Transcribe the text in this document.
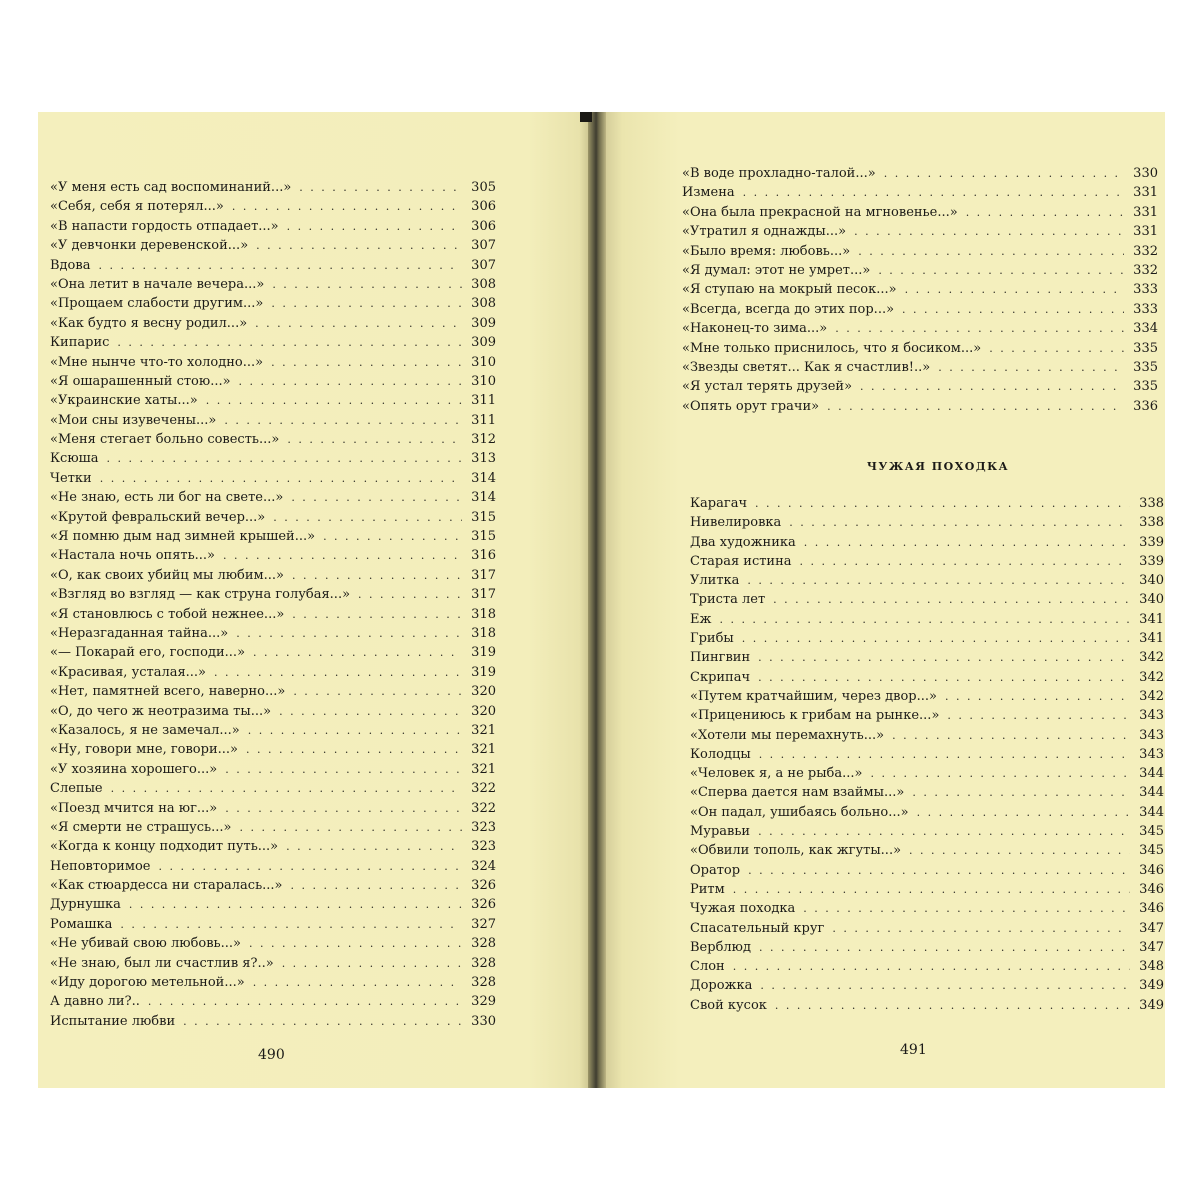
«У меня есть сад воспоминаний...» . . .	305
«Себя, себя я потерял...» . . .	306
«В напасти гордость отпадает...» . . .	306
«У девчонки деревенской...» . . .	307
Вдова . . .	307
«Она летит в начале вечера...» . . .	308
«Прощаем слабости другим...» . . .	308
«Как будто я весну родил...» . . .	309
Кипарис . . .	309
«Мне нынче что-то холодно...» . . .	310
«Я ошарашенный стою...» . . .	310
«Украинские хаты...» . . .	311
«Мои сны изувечены...» . . .	311
«Меня стегает больно совесть...» . . .	312
Ксюша . . .	313
Четки . . .	314
«Не знаю, есть ли бог на свете...» . . .	314
«Крутой февральский вечер...» . . .	315
«Я помню дым над зимней крышей...» . . .	315
«Настала ночь опять...» . . .	316
«О, как своих убийц мы любим...» . . .	317
«Взгляд во взгляд — как струна голубая...» . . .	317
«Я становлюсь с тобой нежнее...» . . .	318
«Неразгаданная тайна...» . . .	318
«— Покарай его, господи...» . . .	319
«Красивая, усталая...» . . .	319
«Нет, памятней всего, наверно...» . . .	320
«О, до чего ж неотразима ты...» . . .	320
«Казалось, я не замечал...» . . .	321
«Ну, говори мне, говори...» . . .	321
«У хозяина хорошего...» . . .	321
Слепые . . .	322
«Поезд мчится на юг...» . . .	322
«Я смерти не страшусь...» . . .	323
«Когда к концу подходит путь...» . . .	323
Неповторимое . . .	324
«Как стюардесса ни старалась...» . . .	326
Дурнушка . . .	326
Ромашка . . .	327
«Не убивай свою любовь...» . . .	328
«Не знаю, был ли счастлив я?..» . . .	328
«Иду дорогою метельной...» . . .	328
А давно ли?.. . . .	329
Испытание любви . . .	330
«В воде прохладно-талой...» . . .	330
Измена . . .	331
«Она была прекрасной на мгновенье...» . . .	331
«Утратил я однажды...» . . .	331
«Было время: любовь...» . . .	332
«Я думал: этот не умрет...» . . .	332
«Я ступаю на мокрый песок...» . . .	333
«Всегда, всегда до этих пор...» . . .	333
«Наконец-то зима...» . . .	334
«Мне только приснилось, что я босиком...» . . .	335
«Звезды светят... Как я счастлив!..» . . .	335
«Я устал терять друзей» . . .	335
«Опять орут грачи» . . .	336
ЧУЖАЯ ПОХОДКА
Карагач . . .	338
Нивелировка . . .	338
Два художника . . .	339
Старая истина . . .	339
Улитка . . .	340
Триста лет . . .	340
Еж . . .	341
Грибы . . .	341
Пингвин . . .	342
Скрипач . . .	342
«Путем кратчайшим, через двор...» . . .	342
«Прицениюсь к грибам на рынке...» . . .	343
«Хотели мы перемахнуть...» . . .	343
Колодцы . . .	343
«Человек я, а не рыба...» . . .	344
«Сперва дается нам взаймы...» . . .	344
«Он падал, ушибаясь больно...» . . .	344
Муравьи . . .	345
«Обвили тополь, как жгуты...» . . .	345
Оратор . . .	346
Ритм . . .	346
Чужая походка . . .	346
Спасательный круг . . .	347
Верблюд . . .	347
Слон . . .	348
Дорожка . . .	349
Свой кусок . . .	349
490	491
